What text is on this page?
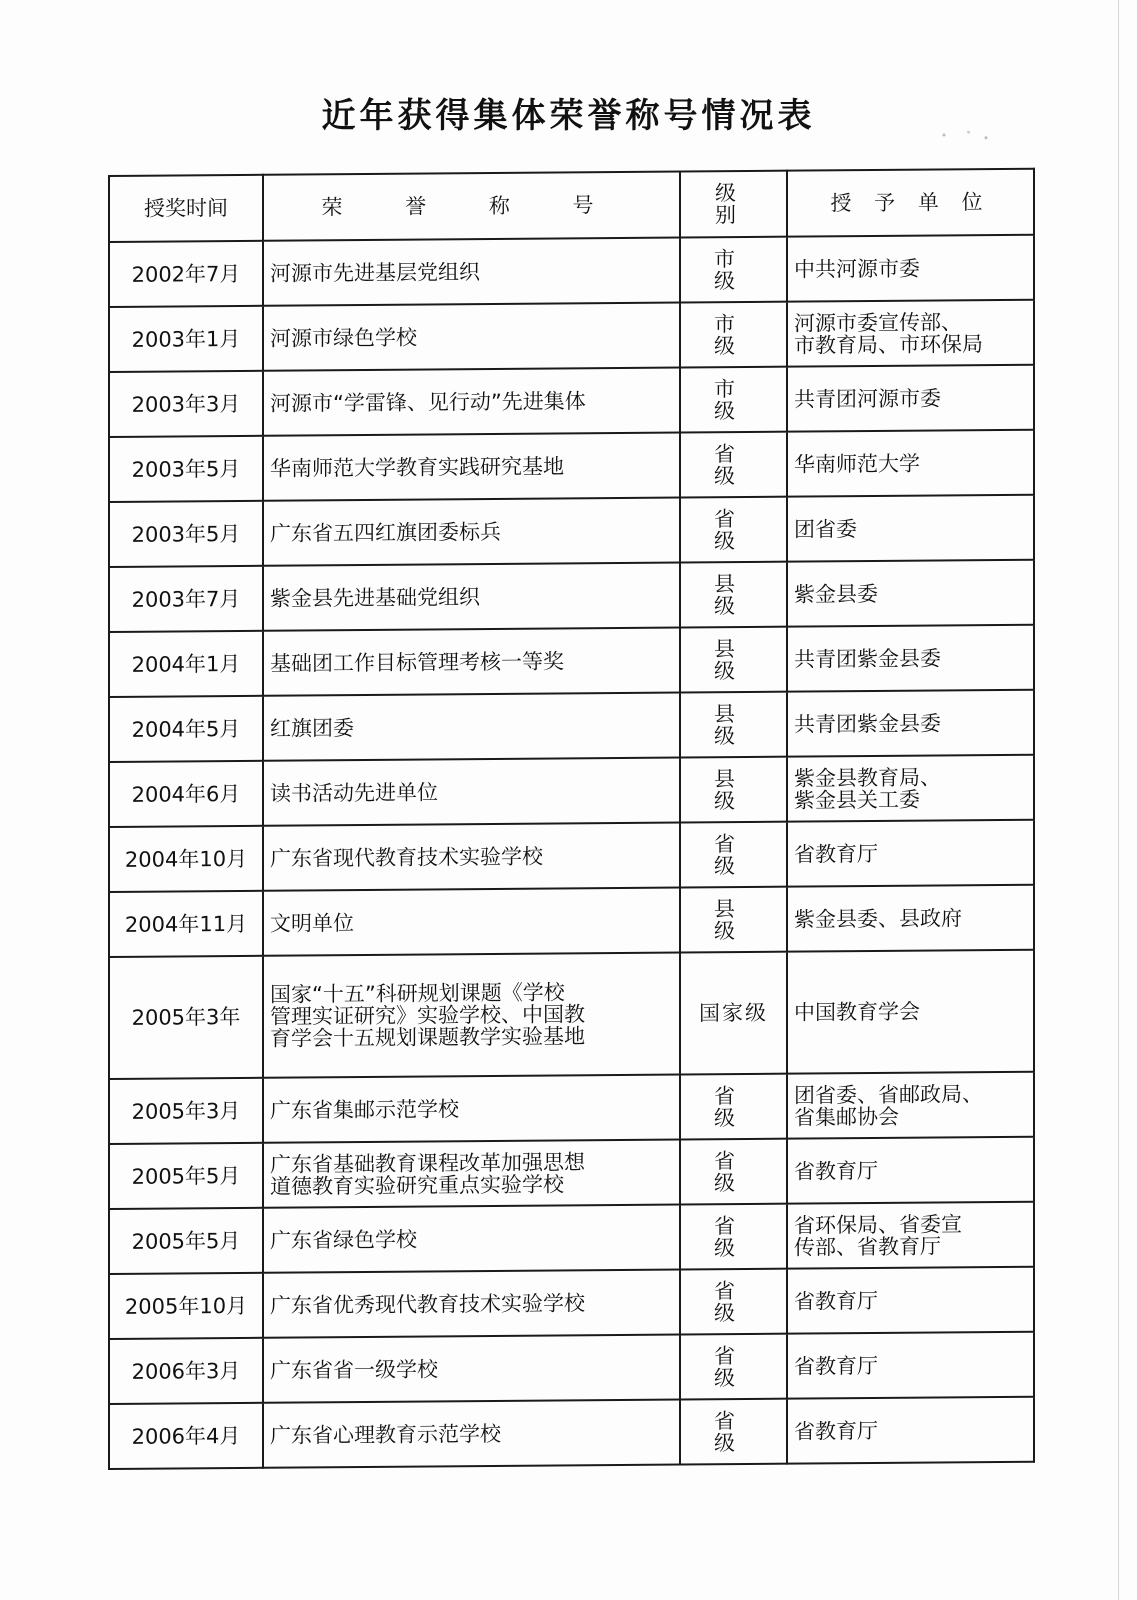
近年获得集体荣誉称号情况表
授奖时间	荣 誉 称 号	级 别	授 予 单 位
2002年7月	河源市先进基层党组织	市 级	中共河源市委
2003年1月	河源市绿色学校	市 级	河源市委宣传部、
市教育局、市环保局
2003年3月	河源市“学雷锋、见行动”先进集体	市 级	共青团河源市委
2003年5月	华南师范大学教育实践研究基地	省 级	华南师范大学
2003年5月	广东省五四红旗团委标兵	省 级	团省委
2003年7月	紫金县先进基础党组织	县 级	紫金县委
2004年1月	基础团工作目标管理考核一等奖	县 级	共青团紫金县委
2004年5月	红旗团委	县 级	共青团紫金县委
2004年6月	读书活动先进单位	县 级	紫金县教育局、
紫金县关工委
2004年10月	广东省现代教育技术实验学校	省 级	省教育厅
2004年11月	文明单位	县 级	紫金县委、县政府
2005年3年	国家“十五”科研规划课题《学校
管理实证研究》实验学校、中国教
育学会十五规划课题教学实验基地	国家级	中国教育学会
2005年3月	广东省集邮示范学校	省 级	团省委、省邮政局、
省集邮协会
2005年5月	广东省基础教育课程改革加强思想
道德教育实验研究重点实验学校	省 级	省教育厅
2005年5月	广东省绿色学校	省 级	省环保局、省委宣
传部、省教育厅
2005年10月	广东省优秀现代教育技术实验学校	省 级	省教育厅
2006年3月	广东省省一级学校	省 级	省教育厅
2006年4月	广东省心理教育示范学校	省 级	省教育厅
